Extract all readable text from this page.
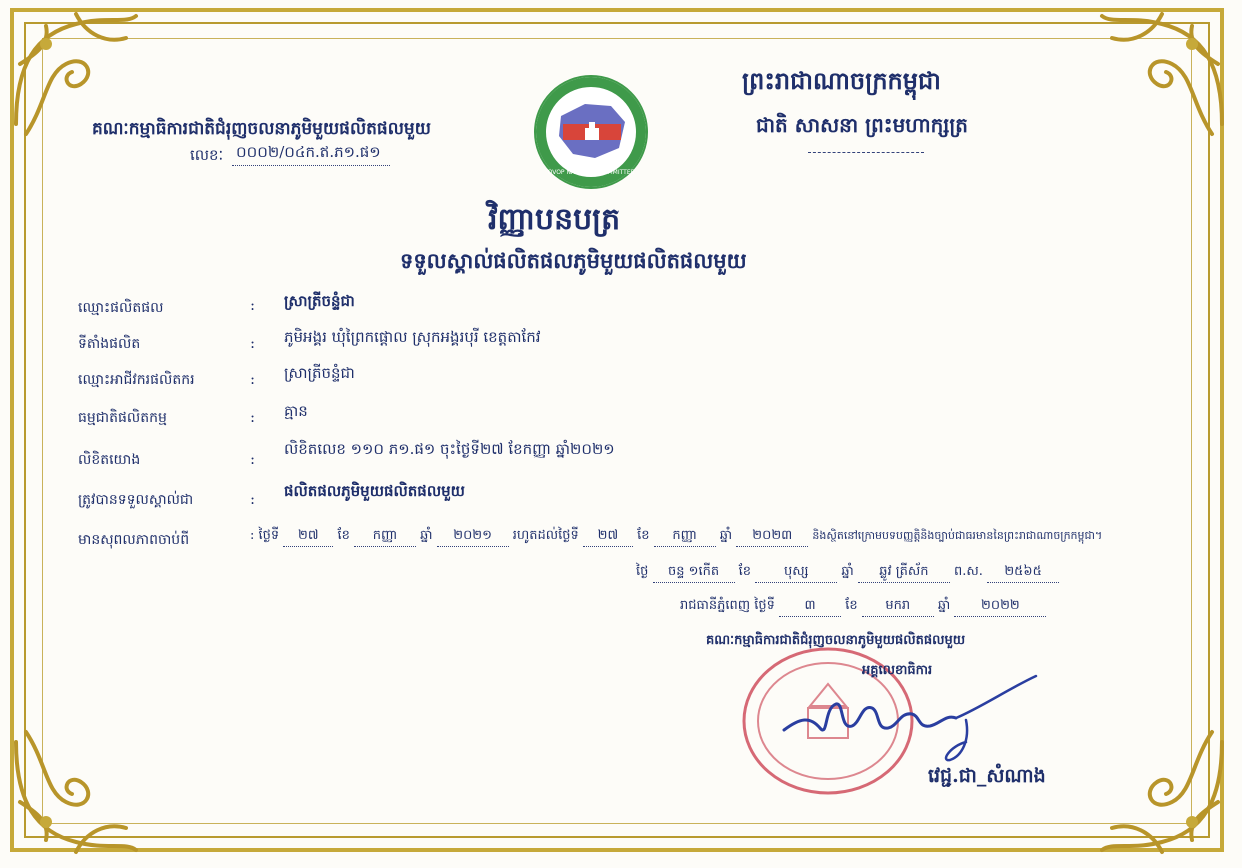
គណៈកម្មាធិការជាតិជំរុញចលនាភូមិមួយផលិតផលមួយ
លេខៈ ០០០២/០៤ក.ឥ.ភ១.ផ១
OVOP NATIONAL COMMITTEE
ព្រះរាជាណាចក្រកម្ពុជា
ជាតិ សាសនា ព្រះមហាក្សត្រ
វិញ្ញាបនបត្រ
ទទួលស្គាល់ផលិតផលភូមិមួយផលិតផលមួយ
ឈ្មោះផលិតផល	: ស្រាត្រីចន្ទំជា
ទីតាំងផលិត	: ភូមិអង្គរ ឃុំព្រៃកផ្ដោល ស្រុកអង្គរបុរី ខេត្តតាកែវ
ឈ្មោះអាជីវករផលិតករ	: ស្រាត្រីចន្ទំជា
ធម្មជាតិផលិតកម្ម	: គ្មាន
លិខិតយោង	:
លិខិតលេខ ១១០ ភ១.ផ១ ចុះថ្ងៃទី២៧ ខែកញ្ញា ឆ្នាំ២០២១
ត្រូវបានទទួលស្គាល់ជា	: ផលិតផលភូមិមួយផលិតផលមួយ
មានសុពលភាពចាប់ពី	: ថ្ងៃទី ២៧ ខែ កញ្ញា ឆ្នាំ ២០២១ រហូតដល់ថ្ងៃទី ២៧ ខែ កញ្ញា ឆ្នាំ ២០២៣ និងស្ថិតនៅក្រោមបទបញ្ញត្តិនិងច្បាប់ជាធរមាននៃព្រះរាជាណាចក្រកម្ពុជា។
ថ្ងៃ ចន្ទ ១កើត ខែ	បុស្ស	ឆ្នាំ ឆ្លូវ ត្រីស័ក ព.ស. ២៥៦៥
រាជធានីភ្នំពេញ ថ្ងៃទី ៣ ខែ មករា ឆ្នាំ ២០២២
គណៈកម្មាធិការជាតិជំរុញចលនាភូមិមួយផលិតផលមួយ
អគ្គលេខាធិការ
វេជ្ជ.ជា_សំណាង
